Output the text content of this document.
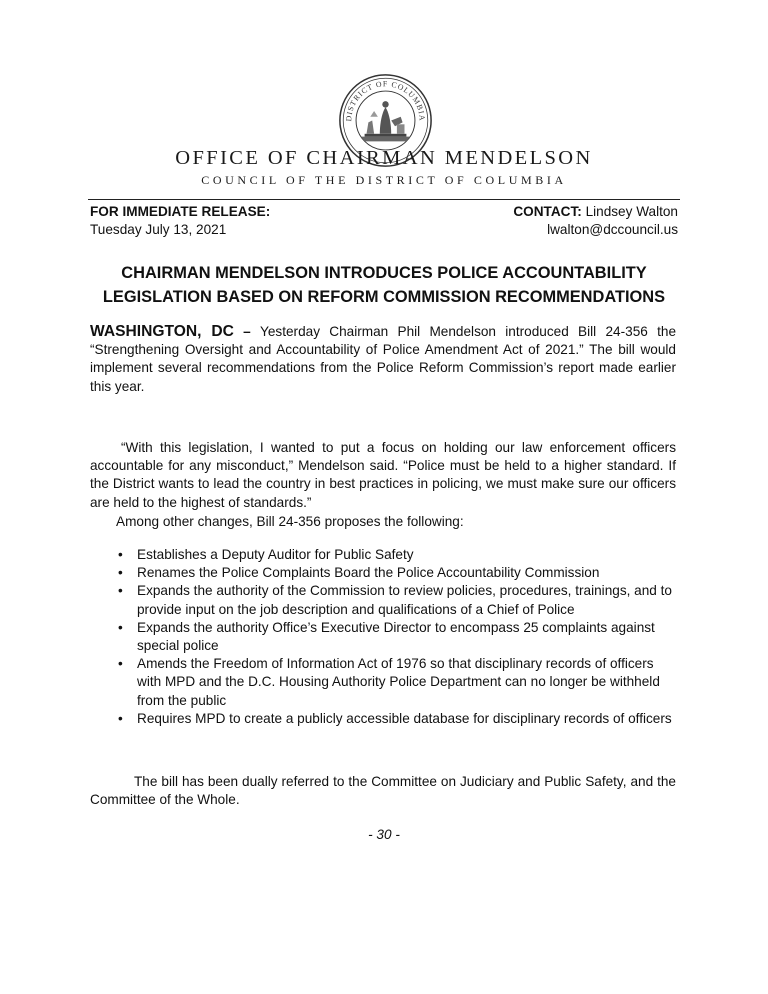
DISTRICT OF COLUMBIA
OFFICE OF CHAIRMAN MENDELSON
COUNCIL OF THE DISTRICT OF COLUMBIA
FOR IMMEDIATE RELEASE:
Tuesday July 13, 2021
CONTACT: Lindsey Walton
lwalton@dccouncil.us
CHAIRMAN MENDELSON INTRODUCES POLICE ACCOUNTABILITY
LEGISLATION BASED ON REFORM COMMISSION RECOMMENDATIONS

WASHINGTON, DC – Yesterday Chairman Phil Mendelson introduced Bill 24-356 the “Strengthening Oversight and Accountability of Police Amendment Act of 2021.” The bill would implement several recommendations from the Police Reform Commission’s report made earlier this year.

“With this legislation, I wanted to put a focus on holding our law enforcement officers accountable for any misconduct,” Mendelson said. “Police must be held to a higher standard. If the District wants to lead the country in best practices in policing, we must make sure our officers are held to the highest of standards.”

Among other changes, Bill 24-356 proposes the following:

• Establishes a Deputy Auditor for Public Safety
• Renames the Police Complaints Board the Police Accountability Commission
• Expands the authority of the Commission to review policies, procedures, trainings, and to provide input on the job description and qualifications of a Chief of Police
• Expands the authority Office’s Executive Director to encompass 25 complaints against special police
• Amends the Freedom of Information Act of 1976 so that disciplinary records of officers with MPD and the D.C. Housing Authority Police Department can no longer be withheld from the public
• Requires MPD to create a publicly accessible database for disciplinary records of officers

The bill has been dually referred to the Committee on Judiciary and Public Safety, and the Committee of the Whole.

- 30 -
